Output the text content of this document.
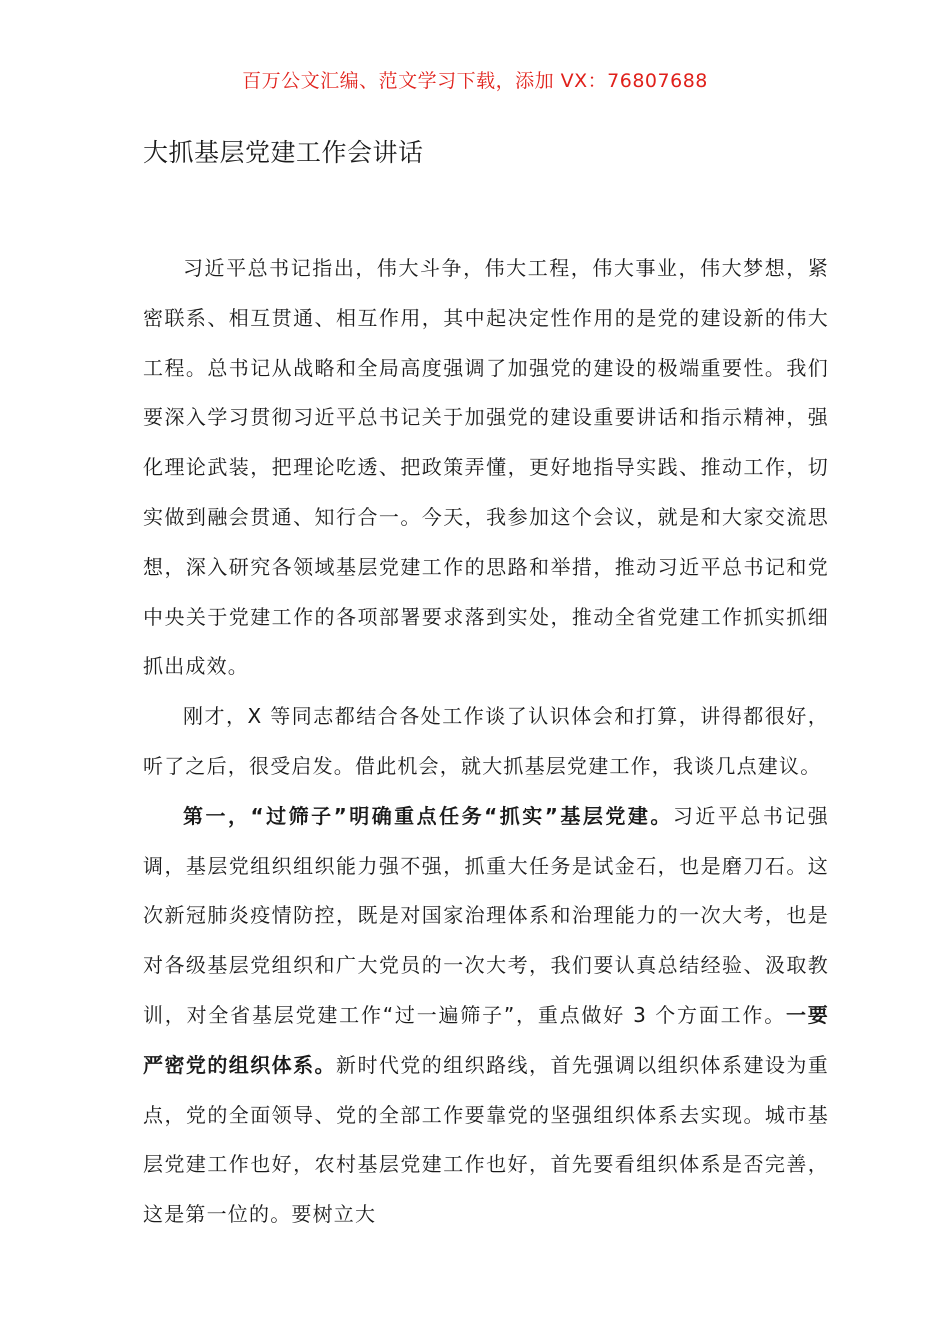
百万公文汇编、范文学习下载，添加 VX：76807688
大抓基层党建工作会讲话

习近平总书记指出，伟大斗争，伟大工程，伟大事业，伟大梦想，紧密联系、相互贯通、相互作用，其中起决定性作用的是党的建设新的伟大工程。总书记从战略和全局高度强调了加强党的建设的极端重要性。我们要深入学习贯彻习近平总书记关于加强党的建设重要讲话和指示精神，强化理论武装，把理论吃透、把政策弄懂，更好地指导实践、推动工作，切实做到融会贯通、知行合一。今天，我参加这个会议，就是和大家交流思想，深入研究各领域基层党建工作的思路和举措，推动习近平总书记和党中央关于党建工作的各项部署要求落到实处，推动全省党建工作抓实抓细抓出成效。

刚才，X 等同志都结合各处工作谈了认识体会和打算，讲得都很好，听了之后，很受启发。借此机会，就大抓基层党建工作，我谈几点建议。

第一，“过筛子”明确重点任务“抓实”基层党建。习近平总书记强调，基层党组织组织能力强不强，抓重大任务是试金石，也是磨刀石。这次新冠肺炎疫情防控，既是对国家治理体系和治理能力的一次大考，也是对各级基层党组织和广大党员的一次大考，我们要认真总结经验、汲取教训，对全省基层党建工作“过一遍筛子”，重点做好 3 个方面工作。一要严密党的组织体系。新时代党的组织路线，首先强调以组织体系建设为重点，党的全面领导、党的全部工作要靠党的坚强组织体系去实现。城市基层党建工作也好，农村基层党建工作也好，首先要看组织体系是否完善，这是第一位的。要树立大
